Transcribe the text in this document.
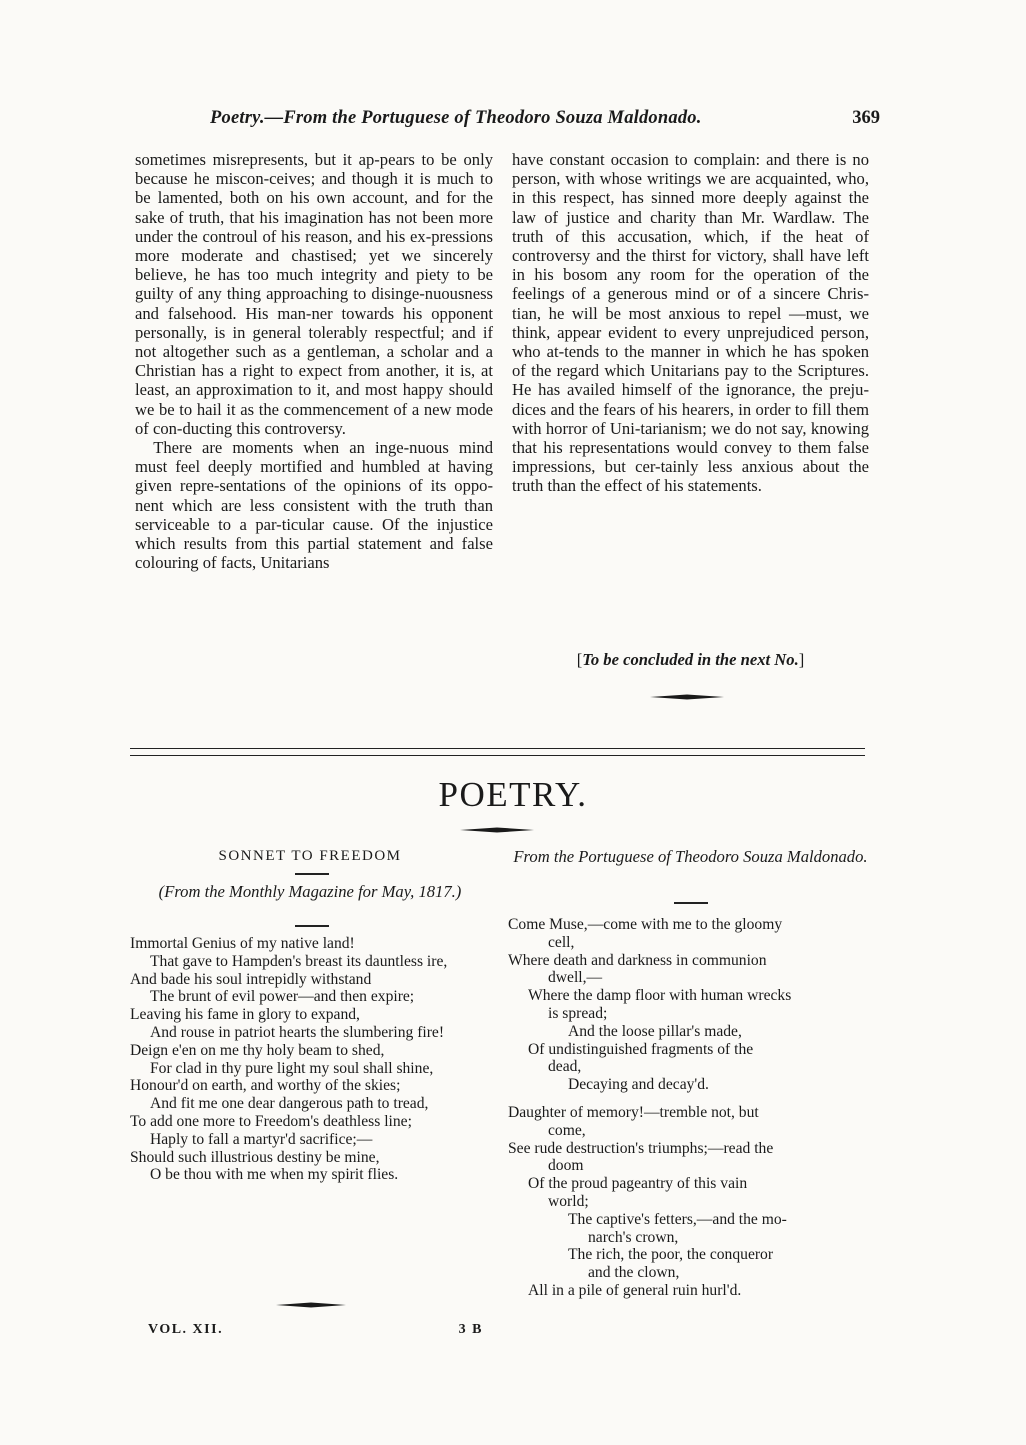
Poetry.—From the Portuguese of Theodoro Souza Maldonado.	369

sometimes misrepresents, but it ap-pears to be only because he miscon-ceives; and though it is much to be lamented, both on his own account, and for the sake of truth, that his imagination has not been more under the controul of his reason, and his ex-pressions more moderate and chastised; yet we sincerely believe, he has too much integrity and piety to be guilty of any thing approaching to disinge-nuousness and falsehood. His man-ner towards his opponent personally, is in general tolerably respectful; and if not altogether such as a gentleman, a scholar and a Christian has a right to expect from another, it is, at least, an approximation to it, and most happy should we be to hail it as the commencement of a new mode of con-ducting this controversy.

There are moments when an inge-nuous mind must feel deeply mortified and humbled at having given repre-sentations of the opinions of its oppo-nent which are less consistent with the truth than serviceable to a par-ticular cause. Of the injustice which results from this partial statement and false colouring of facts, Unitarians

have constant occasion to complain: and there is no person, with whose writings we are acquainted, who, in this respect, has sinned more deeply against the law of justice and charity than Mr. Wardlaw. The truth of this accusation, which, if the heat of controversy and the thirst for victory, shall have left in his bosom any room for the operation of the feelings of a generous mind or of a sincere Chris-tian, he will be most anxious to repel —must, we think, appear evident to every unprejudiced person, who at-tends to the manner in which he has spoken of the regard which Unitarians pay to the Scriptures. He has availed himself of the ignorance, the preju-dices and the fears of his hearers, in order to fill them with horror of Uni-tarianism; we do not say, knowing that his representations would convey to them false impressions, but cer-tainly less anxious about the truth than the effect of his statements.

[To be concluded in the next No.]
POETRY.
SONNET TO FREEDOM
(From the Monthly Magazine for May, 1817.)
Immortal Genius of my native land!
That gave to Hampden's breast its dauntless ire,
And bade his soul intrepidly withstand
The brunt of evil power—and then expire;
Leaving his fame in glory to expand,
And rouse in patriot hearts the slumbering fire!
Deign e'en on me thy holy beam to shed,
For clad in thy pure light my soul shall shine,
Honour'd on earth, and worthy of the skies;
And fit me one dear dangerous path to tread,
To add one more to Freedom's deathless line;
Haply to fall a martyr'd sacrifice;—
Should such illustrious destiny be mine,
O be thou with me when my spirit flies.
From the Portuguese of Theodoro Souza Maldonado.
Come Muse,—come with me to the gloomy
cell,
Where death and darkness in communion
dwell,—
Where the damp floor with human wrecks
is spread;
And the loose pillar's made,
Of undistinguished fragments of the
dead,
Decaying and decay'd.
Daughter of memory!—tremble not, but
come,
See rude destruction's triumphs;—read the
doom
Of the proud pageantry of this vain
world;
The captive's fetters,—and the mo-
narch's crown,
The rich, the poor, the conqueror
and the clown,
All in a pile of general ruin hurl'd.
VOL. XII.	3 B
